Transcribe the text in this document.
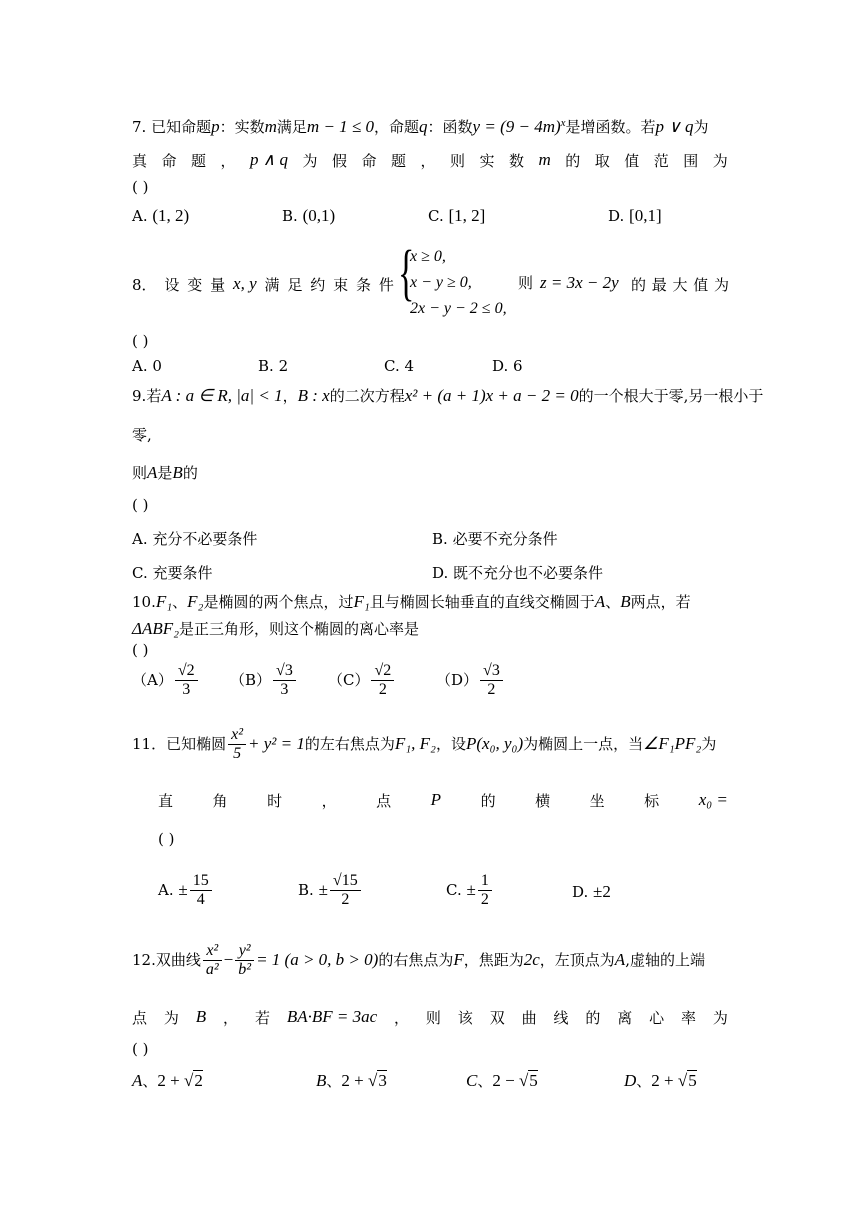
7. 已知命题p：实数m满足m − 1 ≤ 0，命题q：函数$y = (9 - 4m)^x$是增函数。若p ∨ q为
真 命 题 ， p ∧ q 为 假 命 题 ， 则 实 数 m 的 取 值 范 围 为
( )
A. (1, 2)	B. (0,1)	C. [1, 2]	D. [0,1]
8． 设 变 量 x, y 满 足 约 束 条 件 {
x ≥ 0,
x − y ≥ 0,
2x − y − 2 ≤ 0,
则 z = 3x − 2y 的 最 大 值 为
( )
A. 0	B. 2	C. 4	D. 6
9.若A : a ∈ R, |a| < 1，B : x的二次方程x² + (a + 1)x + a − 2 = 0的一个根大于零,另一根小于
零,
则A是B的
( )
A. 充分不必要条件	B. 必要不充分条件
C. 充要条件	D. 既不充分也不必要条件
10.F₁、F₂是椭圆的两个焦点，过F₁且与椭圆长轴垂直的直线交椭圆于A、B两点，若
ΔABF₂是正三角形，则这个椭圆的离心率是
( )
$(A) \frac{√2}{3} (B) \frac{√3}{3} (C) \frac{√2}{2}$	$(D) \frac{√3}{2}$
11．已知椭圆 $\frac{\text{x²}}{5} + y^2 = 1$的左右焦点为F₁, F₂，设P(x₀, y₀)为椭圆上一点，当∠F₁PF₂为
直	角	时	，	点 P	的	横	坐	标 x₀ =
( )
A. ± $\frac{15}{4}$	B. ± $\frac{√15}{2}$	C. ± $\frac{1}{2}$	D. ±2
12.双曲线 $\frac{\text{x²}}{\text{a²}} - \frac{\text{y²}}{\text{b²}} = 1$ (a > 0, b > 0)的右焦点为F，焦距为2c，左顶点为A,虚轴的上端
点 为 B ， 若 BA·BF = 3ac ， 则 该 双 曲 线 的 离 心 率 为
( )
A、2 + √2	B、2 + √3	C、2 − √5	D、2 + √5
